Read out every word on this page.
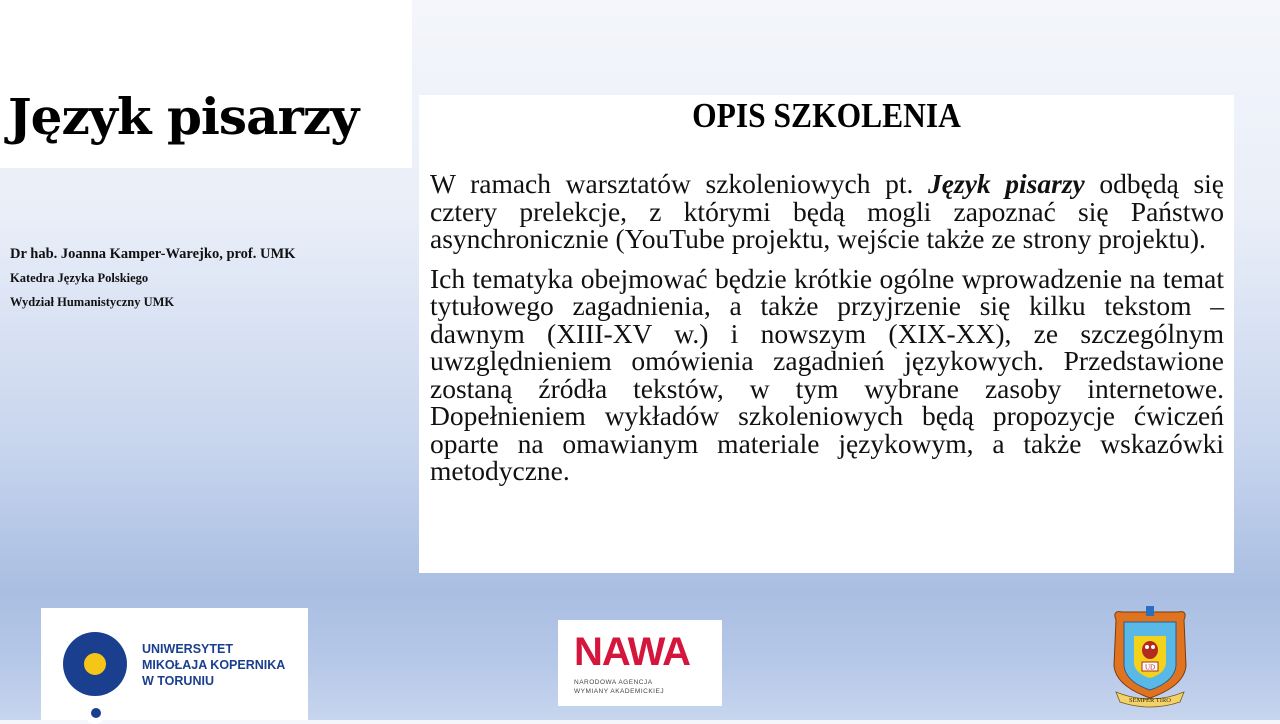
Język pisarzy
Dr hab. Joanna Kamper-Warejko, prof. UMK
Katedra Języka Polskiego
Wydział Humanistyczny UMK
OPIS SZKOLENIA

W ramach warsztatów szkoleniowych pt. Język pisarzy odbędą się cztery prelekcje, z którymi będą mogli zapoznać się Państwo asynchronicznie (YouTube projektu, wejście także ze strony projektu).

Ich tematyka obejmować będzie krótkie ogólne wprowadzenie na temat tytułowego zagadnienia, a także przyjrzenie się kilku tekstom – dawnym (XIII-XV w.) i nowszym (XIX-XX), ze szczególnym uwzględnieniem omówienia zagadnień językowych. Przedstawione zostaną źródła tekstów, w tym wybrane zasoby internetowe. Dopełnieniem wykładów szkoleniowych będą propozycje ćwiczeń oparte na omawianym materiale językowym, a także wskazówki metodyczne.

UNIWERSYTET
MIKOŁAJA KOPERNIKA
W TORUNIU
NAWA
NARODOWA AGENCJA
WYMIANY AKADEMICKIEJ
UD
SEMPER TIRO
